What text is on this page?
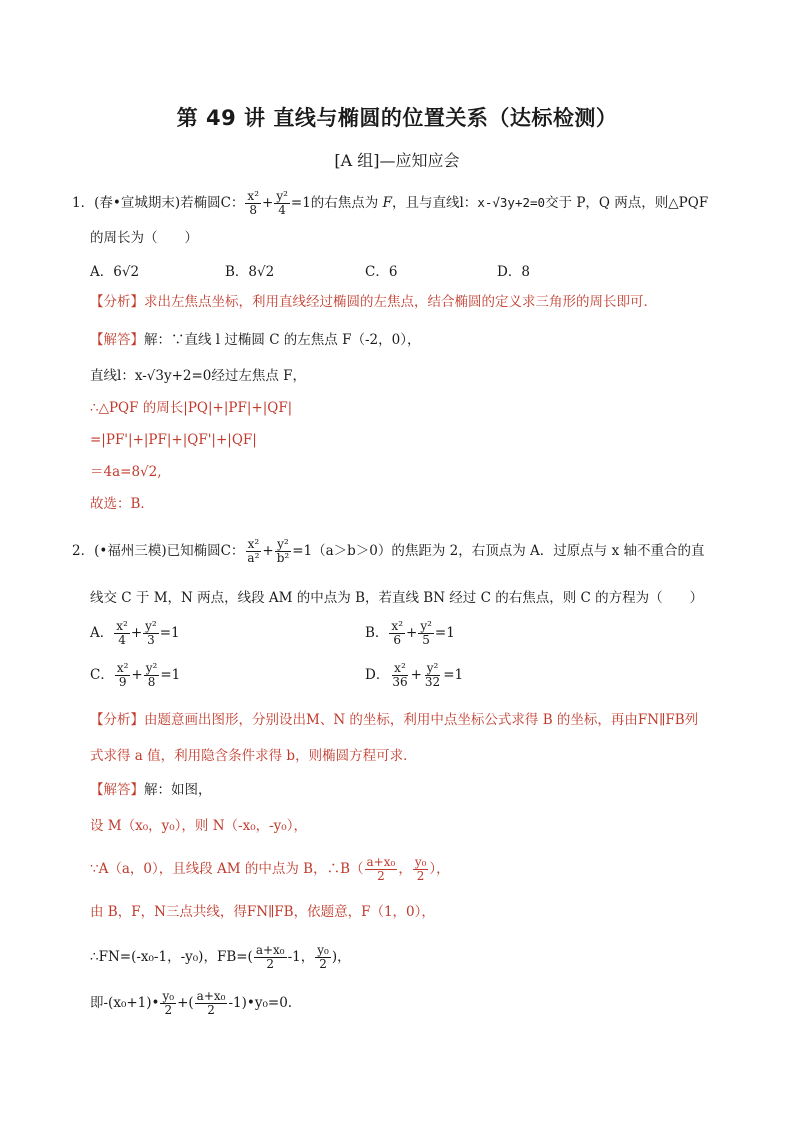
第 49 讲 直线与椭圆的位置关系（达标检测）
[A 组]—应知应会
1．(春•宣城期末)若椭圆C： $\frac{\text{x²}}{8} + \frac{\text{y²}}{4} =1$的右焦点为 F，且与直线l：x-√3y+2=0交于 P，Q 两点，则△PQF
的周长为（　　）
A．6√2	B．8√2	C．6	D．8
【分析】求出左焦点坐标，利用直线经过椭圆的左焦点，结合椭圆的定义求三角形的周长即可．
【解答】解：∵直线 l 过椭圆 C 的左焦点 F（-2，0），
直线l：x-√3y+2=0经过左焦点 F，
∴△PQF 的周长|PQ|+|PF|+|QF|
=|PF'|+|PF|+|QF'|+|QF|
＝4a=8√2,
故选：B．
2．(•福州三模)已知椭圆C： $\frac{\text{x²}}{\text{a²}} + \frac{\text{y²}}{\text{b²}} =1(a>b>0)$的焦距为 2，右顶点为 A．过原点与 x 轴不重合的直
线交 C 于 M，N 两点，线段 AM 的中点为 B，若直线 BN 经过 C 的右焦点，则 C 的方程为（　　）
A． $\frac{\text{x²}}{4} + \frac{\text{y²}}{3} =1$	B． $\frac{\text{x²}}{6} + \frac{\text{y²}}{5} =1$
C． $\frac{\text{x²}}{9} + \frac{\text{y²}}{8} =1$	D． $\frac{\text{x²}}{36} + \frac{\text{y²}}{32} =1$
【分析】由题意画出图形，分别设出M、N 的坐标，利用中点坐标公式求得 B 的坐标，再由FN∥FB列
式求得 a 值，利用隐含条件求得 b，则椭圆方程可求．
【解答】解：如图，
设 M（x₀，y₀），则 N（-x₀，-y₀），
∵A（a，0），且线段 AM 的中点为 B，∴B（ $\frac{\text{a+x₀}}{2}$ ， $\frac{\text{y₀}}{2}$ ），
由 B，F，N三点共线，得FN∥FB，依题意，F（1，0），
∴FN=(-x₀-1，-y₀)，$FB=( \frac{\text{a+x₀}}{2} -1$， $\frac{\text{y₀}}{2}$ )，
即-(x₀+1)• $\frac{\text{y₀}}{2}$ +( $\frac{\text{a+x₀}}{2}$ -1)•y₀=0.
